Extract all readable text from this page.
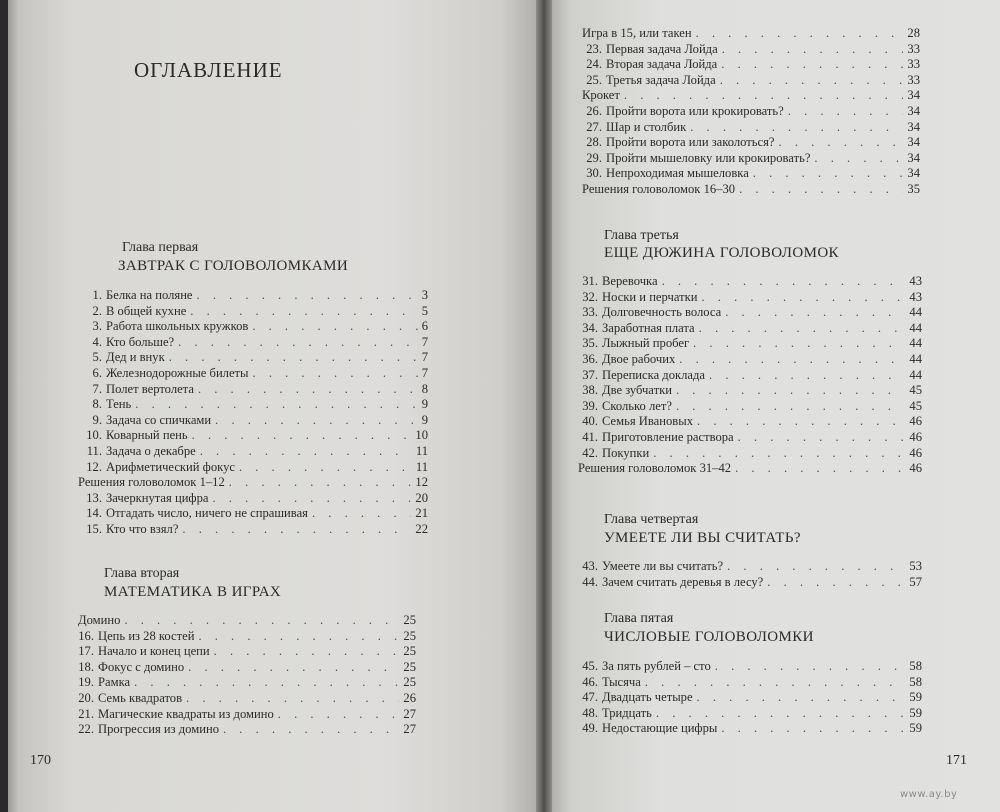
ОГЛАВЛЕНИЕ
Глава первая
ЗАВТРАК С ГОЛОВОЛОМКАМИ
1. Белка на поляне . . .	3
2. В общей кухне . . .	5
3. Работа школьных кружков . . .	6
4. Кто больше? . . .	7
5. Дед и внук . . .	7
6. Железнодорожные билеты . . .	7
7. Полет вертолета . . .	8
8. Тень . . .	9
9. Задача со спичками . . .	9
10. Коварный пень . . .	10
11. Задача о декабре . . .	11
12. Арифметический фокус . . .	11
Решения головоломок 1–12 . . .	12
13. Зачеркнутая цифра . . .	20
14. Отгадать число, ничего не спрашивая . . .	21
15. Кто что взял? . . .	22
Глава вторая
МАТЕМАТИКА В ИГРАХ
Домино . . .	25
16. Цепь из 28 костей . . .	25
17. Начало и конец цепи . . .	25
18. Фокус с домино . . .	25
19. Рамка . . .	25
20. Семь квадратов . . .	26
21. Магические квадраты из домино . . .	27
22. Прогрессия из домино . . .	27
170
Игра в 15, или такен . . .	28
23. Первая задача Лойда . . .	33
24. Вторая задача Лойда . . .	33
25. Третья задача Лойда . . .	33
Крокет . . .	34
26. Пройти ворота или крокировать? . . .	34
27. Шар и столбик . . .	34
28. Пройти ворота или заколоться? . . .	34
29. Пройти мышеловку или крокировать? . . .	34
30. Непроходимая мышеловка . . .	34
Решения головоломок 16–30 . . .	35
Глава третья
ЕЩЕ ДЮЖИНА ГОЛОВОЛОМОК
31. Веревочка . . .	43
32. Носки и перчатки . . .	43
33. Долговечность волоса . . .	44
34. Заработная плата . . .	44
35. Лыжный пробег . . .	44
36. Двое рабочих . . .	44
37. Переписка доклада . . .	44
38. Две зубчатки . . .	45
39. Сколько лет? . . .	45
40. Семья Ивановых . . .	46
41. Приготовление раствора . . .	46
42. Покупки . . .	46
Решения головоломок 31–42 . . .	46
Глава четвертая
УМЕЕТЕ ЛИ ВЫ СЧИТАТЬ?
43. Умеете ли вы считать? . . .	53
44. Зачем считать деревья в лесу? . . .	57
Глава пятая
ЧИСЛОВЫЕ ГОЛОВОЛОМКИ
45. За пять рублей – сто . . .	58
46. Тысяча . . .	58
47. Двадцать четыре . . .	59
48. Тридцать . . .	59
49. Недостающие цифры . . .	59
171
www.ay.by
